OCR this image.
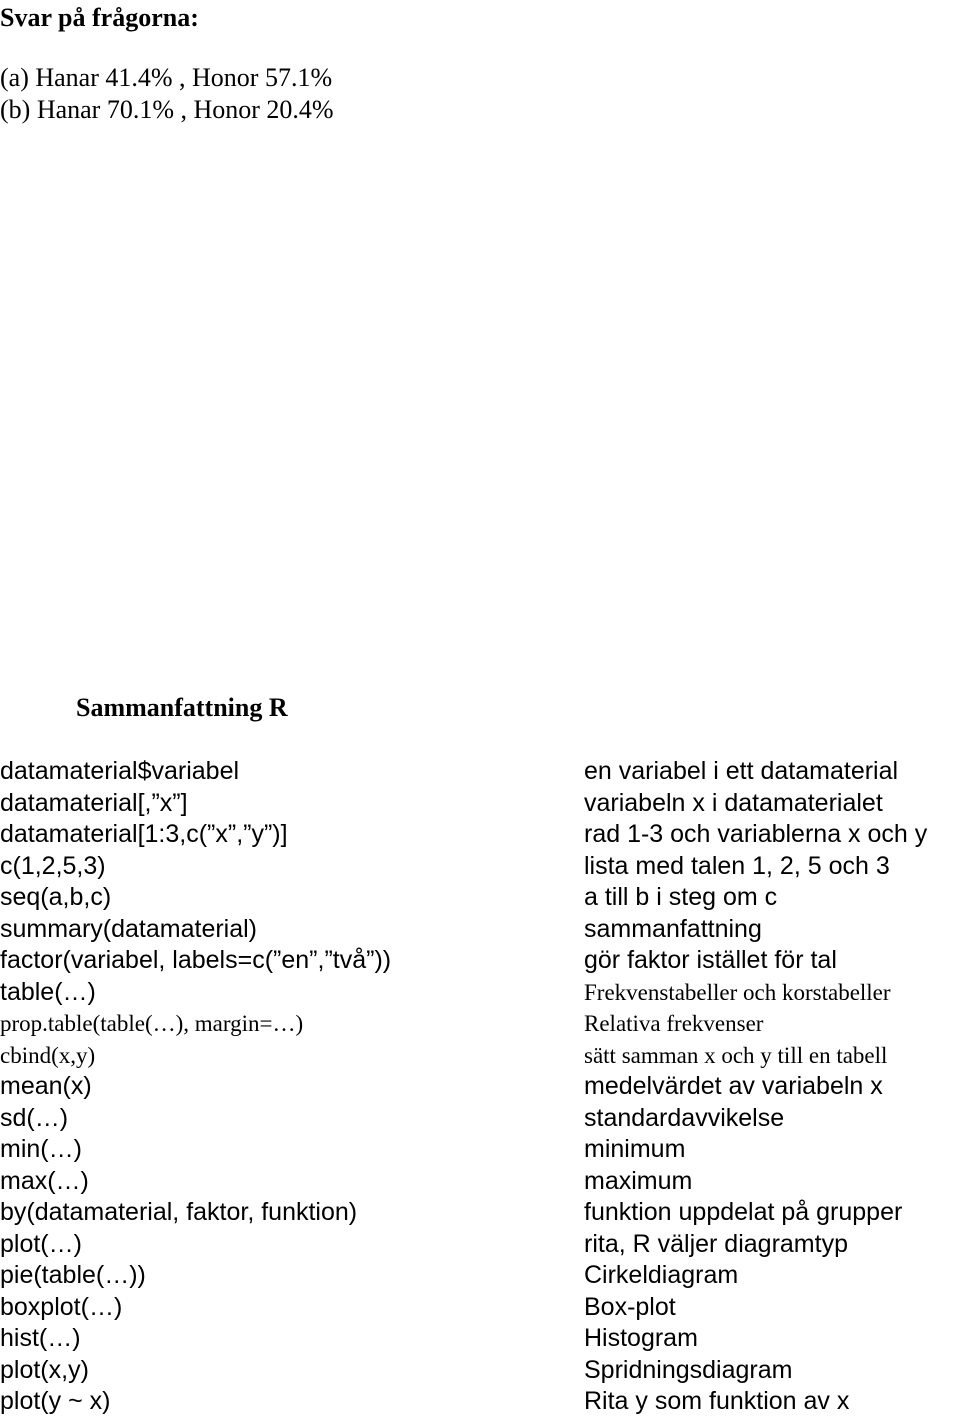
Svar på frågorna:
(a) Hanar 41.4% , Honor 57.1%
(b) Hanar 70.1% , Honor 20.4%
Sammanfattning R
datamaterial$variabel	en variabel i ett datamaterial
datamaterial[,”x”]	variabeln x i datamaterialet
datamaterial[1:3,c(”x”,”y”)]	rad 1-3 och variablerna x och y
c(1,2,5,3)	lista med talen 1, 2, 5 och 3
seq(a,b,c)	a till b i steg om c
summary(datamaterial)	sammanfattning
factor(variabel, labels=c(”en”,”två”))	gör faktor istället för tal
table(…)	Frekvenstabeller och korstabeller
prop.table(table(…), margin=…)	Relativa frekvenser
cbind(x,y)	sätt samman x och y till en tabell
mean(x)	medelvärdet av variabeln x
sd(…)	standardavvikelse
min(…)	minimum
max(…)	maximum
by(datamaterial, faktor, funktion)	funktion uppdelat på grupper
plot(…)	rita, R väljer diagramtyp
pie(table(…))	Cirkeldiagram
boxplot(…)	Box-plot
hist(…)	Histogram
plot(x,y)	Spridningsdiagram
plot(y ~ x)	Rita y som funktion av x
